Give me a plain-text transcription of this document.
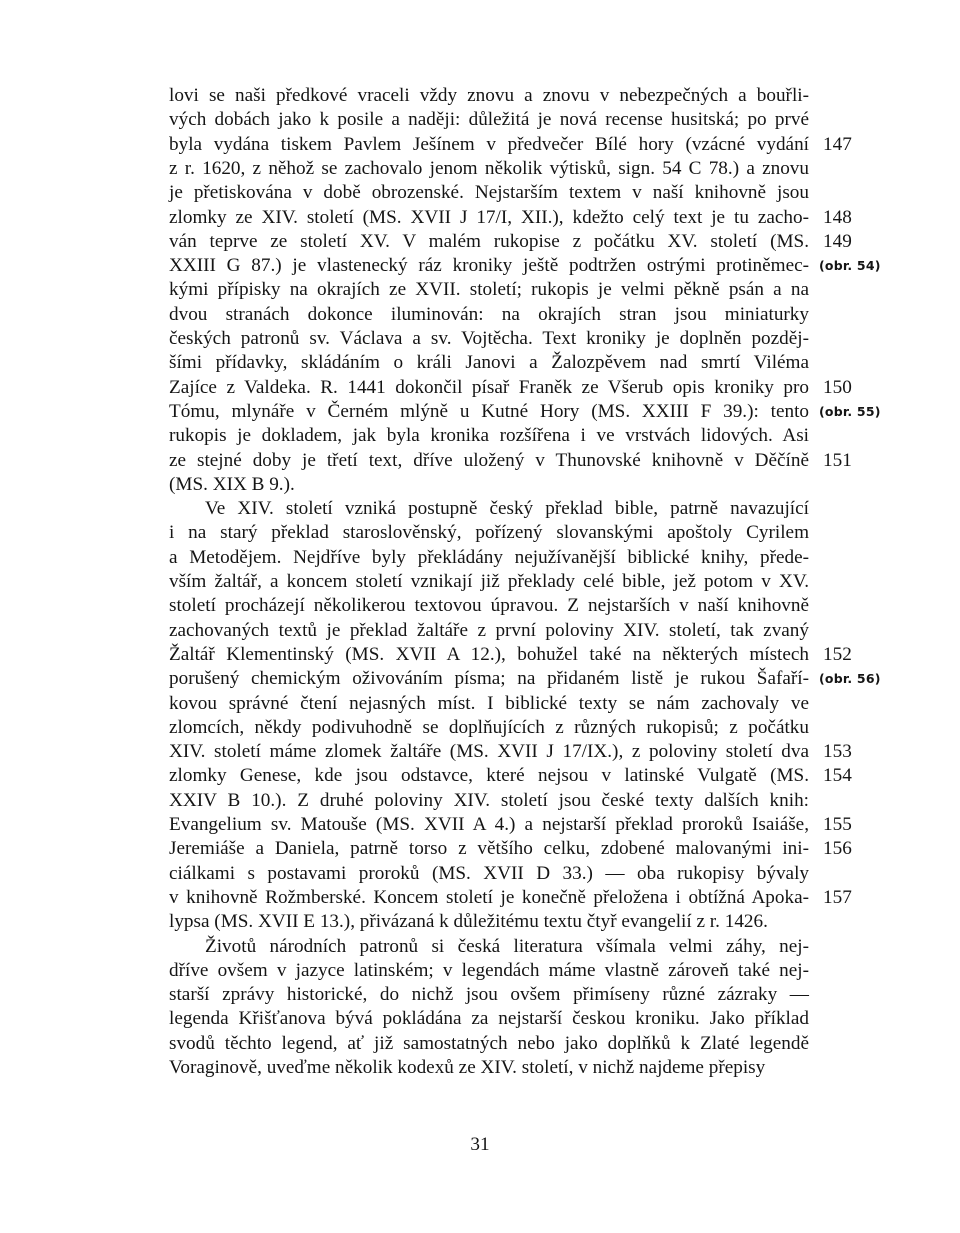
lovi se naši předkové vraceli vždy znovu a znovu v nebezpečných a bouřli-
vých dobách jako k posile a naději: důležitá je nová recense husitská; po prvé
byla vydána tiskem Pavlem Ješínem v předvečer Bílé hory (vzácné vydání
z r. 1620, z něhož se zachovalo jenom několik výtisků, sign. 54 C 78.) a znovu
je přetiskována v době obrozenské. Nejstarším textem v naší knihovně jsou
zlomky ze XIV. století (MS. XVII J 17/I, XII.), kdežto celý text je tu zacho-
ván teprve ze století XV. V malém rukopise z počátku XV. století (MS.
XXIII G 87.) je vlastenecký ráz kroniky ještě podtržen ostrými protiněmec-
kými přípisky na okrajích ze XVII. století; rukopis je velmi pěkně psán a na
dvou stranách dokonce iluminován: na okrajích stran jsou miniaturky
českých patronů sv. Václava a sv. Vojtěcha. Text kroniky je doplněn pozděj-
šími přídavky, skládáním o králi Janovi a Žalozpěvem nad smrtí Viléma
Zajíce z Valdeka. R. 1441 dokončil písař Franěk ze Všerub opis kroniky pro
Tómu, mlynáře v Černém mlýně u Kutné Hory (MS. XXIII F 39.): tento
rukopis je dokladem, jak byla kronika rozšířena i ve vrstvách lidových. Asi
ze stejné doby je třetí text, dříve uložený v Thunovské knihovně v Děčíně
(MS. XIX B 9.).
Ve XIV. století vzniká postupně český překlad bible, patrně navazující
i na starý překlad staroslověnský, pořízený slovanskými apoštoly Cyrilem
a Metodějem. Nejdříve byly překládány nejužívanější biblické knihy, přede-
vším žaltář, a koncem století vznikají již překlady celé bible, jež potom v XV.
století procházejí několikerou textovou úpravou. Z nejstarších v naší knihovně
zachovaných textů je překlad žaltáře z první poloviny XIV. století, tak zvaný
Žaltář Klementinský (MS. XVII A 12.), bohužel také na některých místech
porušený chemickým oživováním písma; na přidaném listě je rukou Šafaří-
kovou správné čtení nejasných míst. I biblické texty se nám zachovaly ve
zlomcích, někdy podivuhodně se doplňujících z různých rukopisů; z počátku
XIV. století máme zlomek žaltáře (MS. XVII J 17/IX.), z poloviny století dva
zlomky Genese, kde jsou odstavce, které nejsou v latinské Vulgatě (MS.
XXIV B 10.). Z druhé poloviny XIV. století jsou české texty dalších knih:
Evangelium sv. Matouše (MS. XVII A 4.) a nejstarší překlad proroků Isaiáše,
Jeremiáše a Daniela, patrně torso z většího celku, zdobené malovanými ini-
ciálkami s postavami proroků (MS. XVII D 33.) — oba rukopisy bývaly
v knihovně Rožmberské. Koncem století je konečně přeložena i obtížná Apoka-
lypsa (MS. XVII E 13.), přivázaná k důležitému textu čtyř evangelií z r. 1426.
Životů národních patronů si česká literatura všímala velmi záhy, nej-
dříve ovšem v jazyce latinském; v legendách máme vlastně zároveň také nej-
starší zprávy historické, do nichž jsou ovšem přimíseny různé zázraky —
legenda Křišťanova bývá pokládána za nejstarší českou kroniku. Jako příklad
svodů těchto legend, ať již samostatných nebo jako doplňků k Zlaté legendě
Voraginově, uveďme několik kodexů ze XIV. století, v nichž najdeme přepisy
147
148
149
(obr. 54)
150
(obr. 55)
151
152
(obr. 56)
153
154
155
156
157
31
